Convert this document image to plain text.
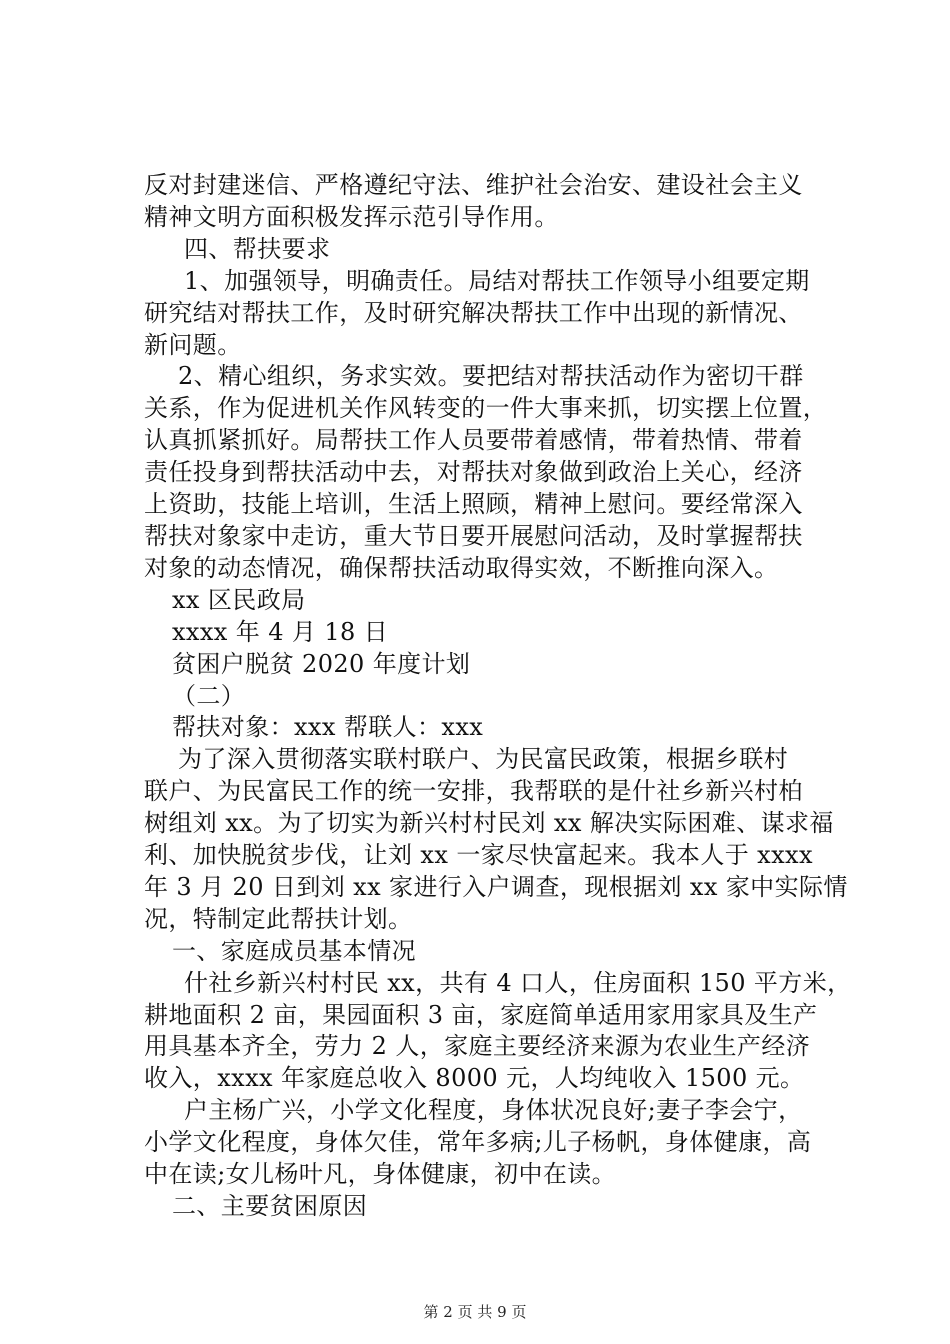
反对封建迷信、严格遵纪守法、维护社会治安、建设社会主义
精神文明方面积极发挥示范引导作用。
四、帮扶要求
1、加强领导，明确责任。局结对帮扶工作领导小组要定期
研究结对帮扶工作，及时研究解决帮扶工作中出现的新情况、
新问题。
2、精心组织，务求实效。要把结对帮扶活动作为密切干群
关系，作为促进机关作风转变的一件大事来抓，切实摆上位置，
认真抓紧抓好。局帮扶工作人员要带着感情，带着热情、带着
责任投身到帮扶活动中去，对帮扶对象做到政治上关心，经济
上资助，技能上培训，生活上照顾，精神上慰问。要经常深入
帮扶对象家中走访，重大节日要开展慰问活动，及时掌握帮扶
对象的动态情况，确保帮扶活动取得实效，不断推向深入。
xx 区民政局
xxxx 年 4 月 18 日
贫困户脱贫 2020 年度计划
（二）
帮扶对象：xxx 帮联人：xxx
为了深入贯彻落实联村联户、为民富民政策，根据乡联村
联户、为民富民工作的统一安排，我帮联的是什社乡新兴村柏
树组刘 xx。为了切实为新兴村村民刘 xx 解决实际困难、谋求福
利、加快脱贫步伐，让刘 xx 一家尽快富起来。我本人于 xxxx
年 3 月 20 日到刘 xx 家进行入户调查，现根据刘 xx 家中实际情
况，特制定此帮扶计划。
一、家庭成员基本情况
什社乡新兴村村民 xx，共有 4 口人，住房面积 150 平方米，
耕地面积 2 亩，果园面积 3 亩，家庭简单适用家用家具及生产
用具基本齐全，劳力 2 人，家庭主要经济来源为农业生产经济
收入，xxxx 年家庭总收入 8000 元，人均纯收入 1500 元。
户主杨广兴，小学文化程度，身体状况良好;妻子李会宁，
小学文化程度，身体欠佳，常年多病;儿子杨帆，身体健康，高
中在读;女儿杨叶凡，身体健康，初中在读。
二、主要贫困原因
第 2 页 共 9 页
